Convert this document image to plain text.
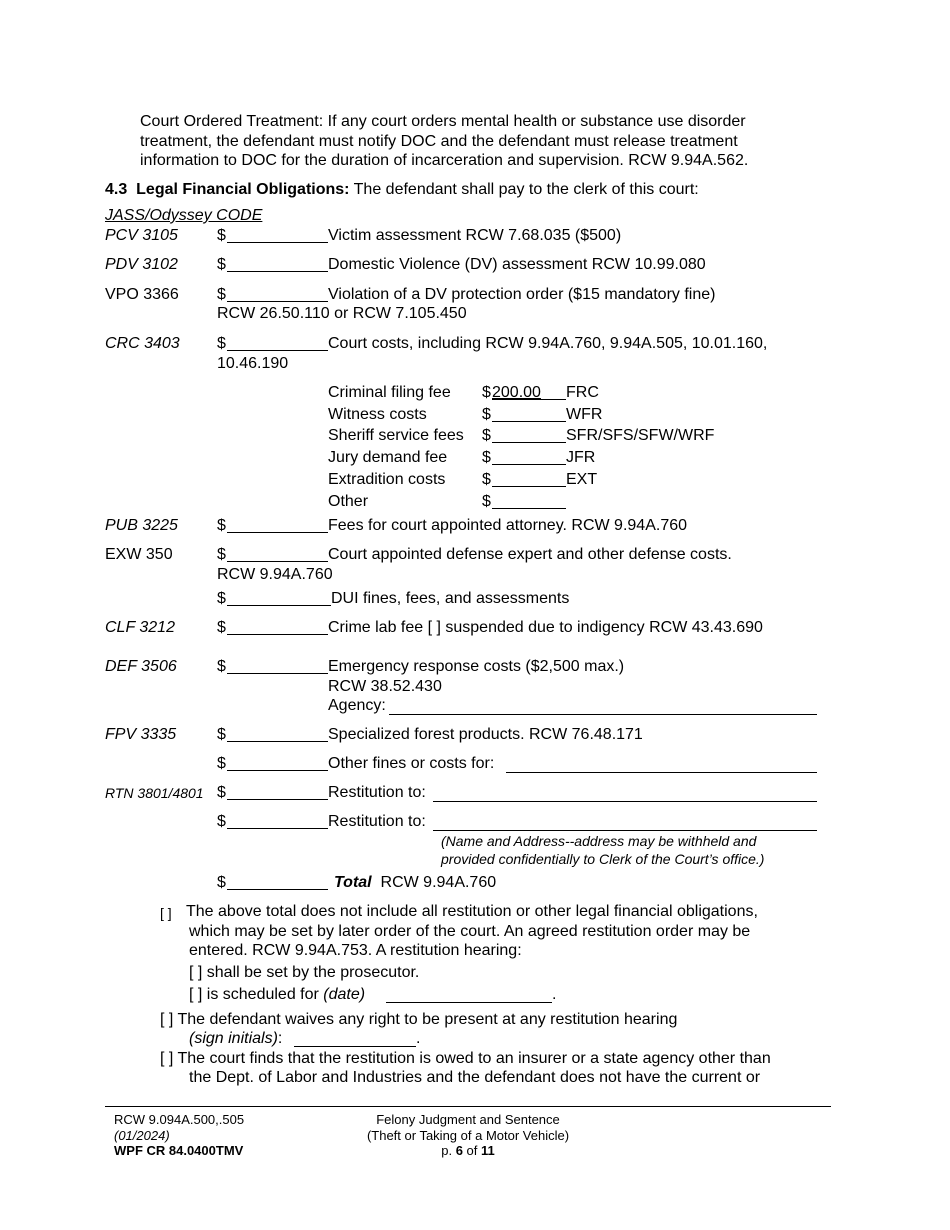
Court Ordered Treatment: If any court orders mental health or substance use disorder
treatment, the defendant must notify DOC and the defendant must release treatment
information to DOC for the duration of incarceration and supervision. RCW 9.94A.562.
4.3 Legal Financial Obligations: The defendant shall pay to the clerk of this court:
JASS/Odyssey CODE
PCV 3105 $	Victim assessment RCW 7.68.035 ($500)
PDV 3102 $	Domestic Violence (DV) assessment RCW 10.99.080
VPO 3366 $	Violation of a DV protection order ($15 mandatory fine)
RCW 26.50.110 or RCW 7.105.450
CRC 3403 $	Court costs, including RCW 9.94A.760, 9.94A.505, 10.01.160,
10.46.190
Criminal filing fee $ 200.00 FRC
Witness costs	$	WFR
Sheriff service fees $	SFR/SFS/SFW/WRF
Jury demand fee $	JFR
Extradition costs $	EXT
Other	$
PUB 3225 $	Fees for court appointed attorney. RCW 9.94A.760
EXW 350	$	Court appointed defense expert and other defense costs.
RCW 9.94A.760
$	DUI fines, fees, and assessments
CLF 3212	$	Crime lab fee [ ] suspended due to indigency RCW 43.43.690
DEF 3506	$	Emergency response costs ($2,500 max.)
RCW 38.52.430
Agency:
FPV 3335	$	Specialized forest products. RCW 76.48.171
$	Other fines or costs for:
RTN 3801/4801 $	Restitution to:
$	Restitution to:
(Name and Address--address may be withheld and
provided confidentially to Clerk of the Court’s office.)
$	Total RCW 9.94A.760
[ ] The above total does not include all restitution or other legal financial obligations,
which may be set by later order of the court. An agreed restitution order may be
entered. RCW 9.94A.753. A restitution hearing:
[ ] shall be set by the prosecutor.
[ ] is scheduled for (date)	.
[ ] The defendant waives any right to be present at any restitution hearing
(sign initials):	.
[ ] The court finds that the restitution is owed to an insurer or a state agency other than
the Dept. of Labor and Industries and the defendant does not have the current or
RCW 9.094A.500,.505
(01/2024)
WPF CR 84.0400TMV
Felony Judgment and Sentence
(Theft or Taking of a Motor Vehicle)
p. 6 of 11
